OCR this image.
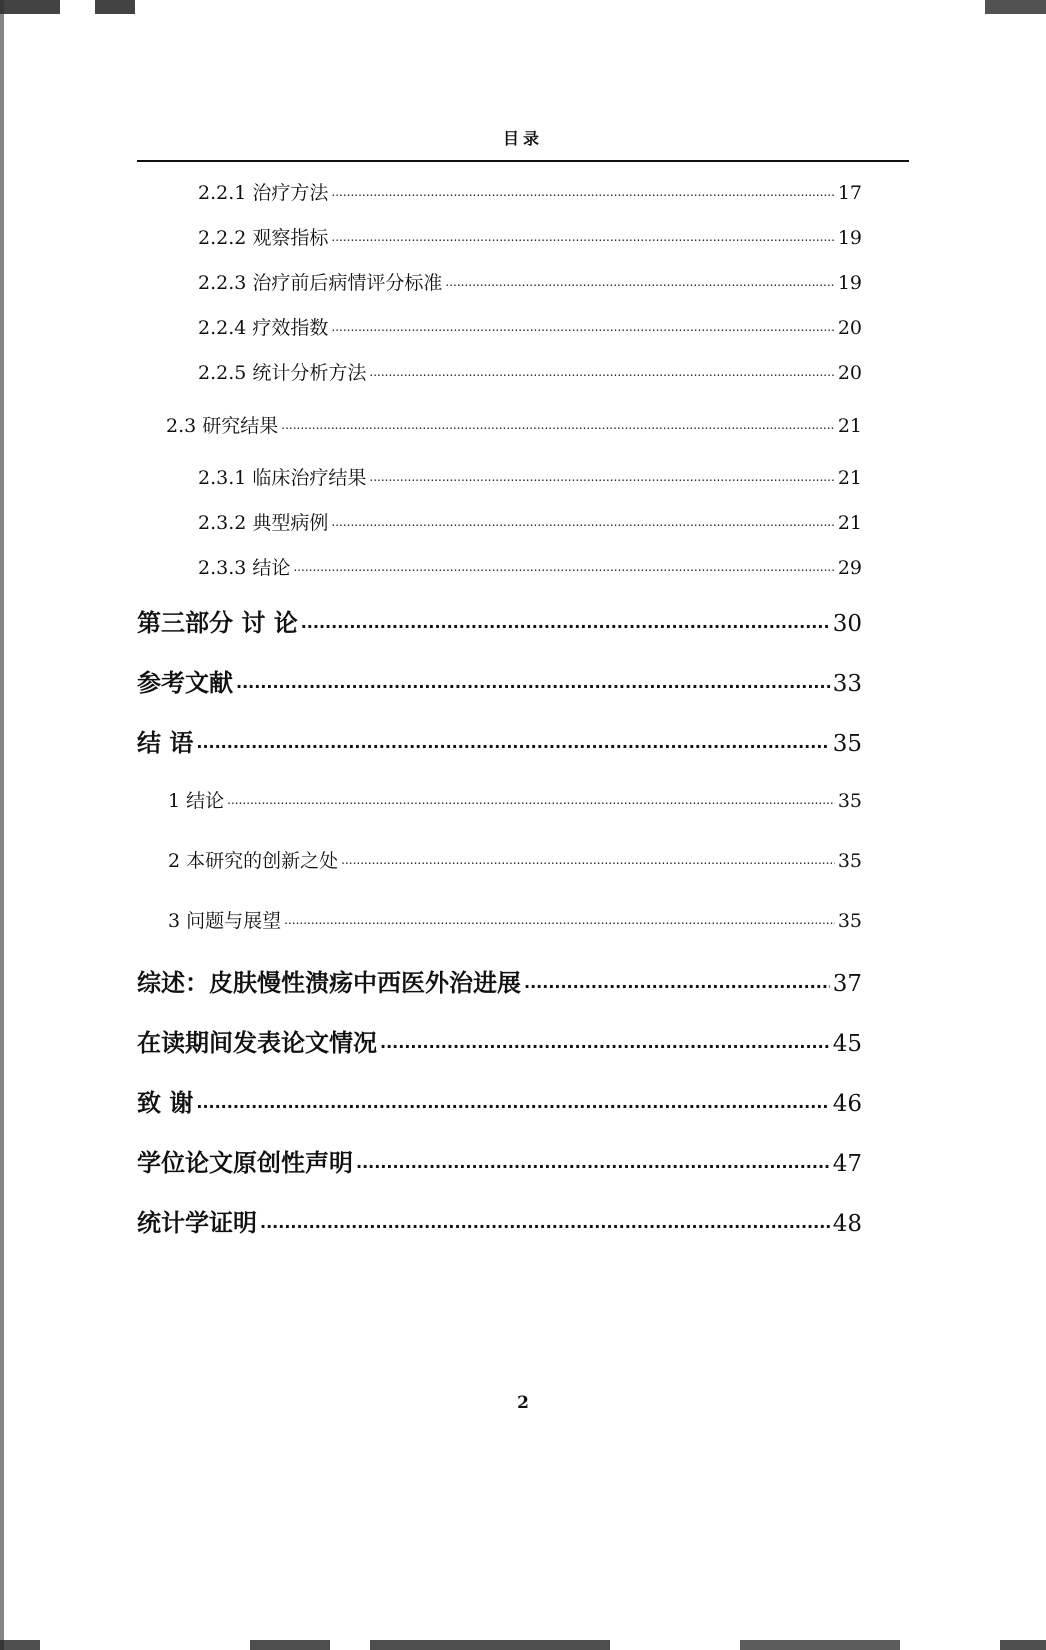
目录
2.2.1 治疗方法 .....	17
2.2.2 观察指标 .....	19
2.2.3 治疗前后病情评分标准 .....	19
2.2.4 疗效指数 .....	20
2.2.5 统计分析方法 .....	20
2.3 研究结果 .....	21
2.3.1 临床治疗结果 .....	21
2.3.2 典型病例 .....	21
2.3.3 结论 .....	29
第三部分 讨 论 .....	30
参考文献 .....	33
结 语 .....	35
1 结论 .....	35
2 本研究的创新之处 .....	35
3 问题与展望 .....	35
综述：皮肤慢性溃疡中西医外治进展 .....	37
在读期间发表论文情况 .....	45
致 谢 .....	46
学位论文原创性声明 .....	47
统计学证明 .....	48
2
